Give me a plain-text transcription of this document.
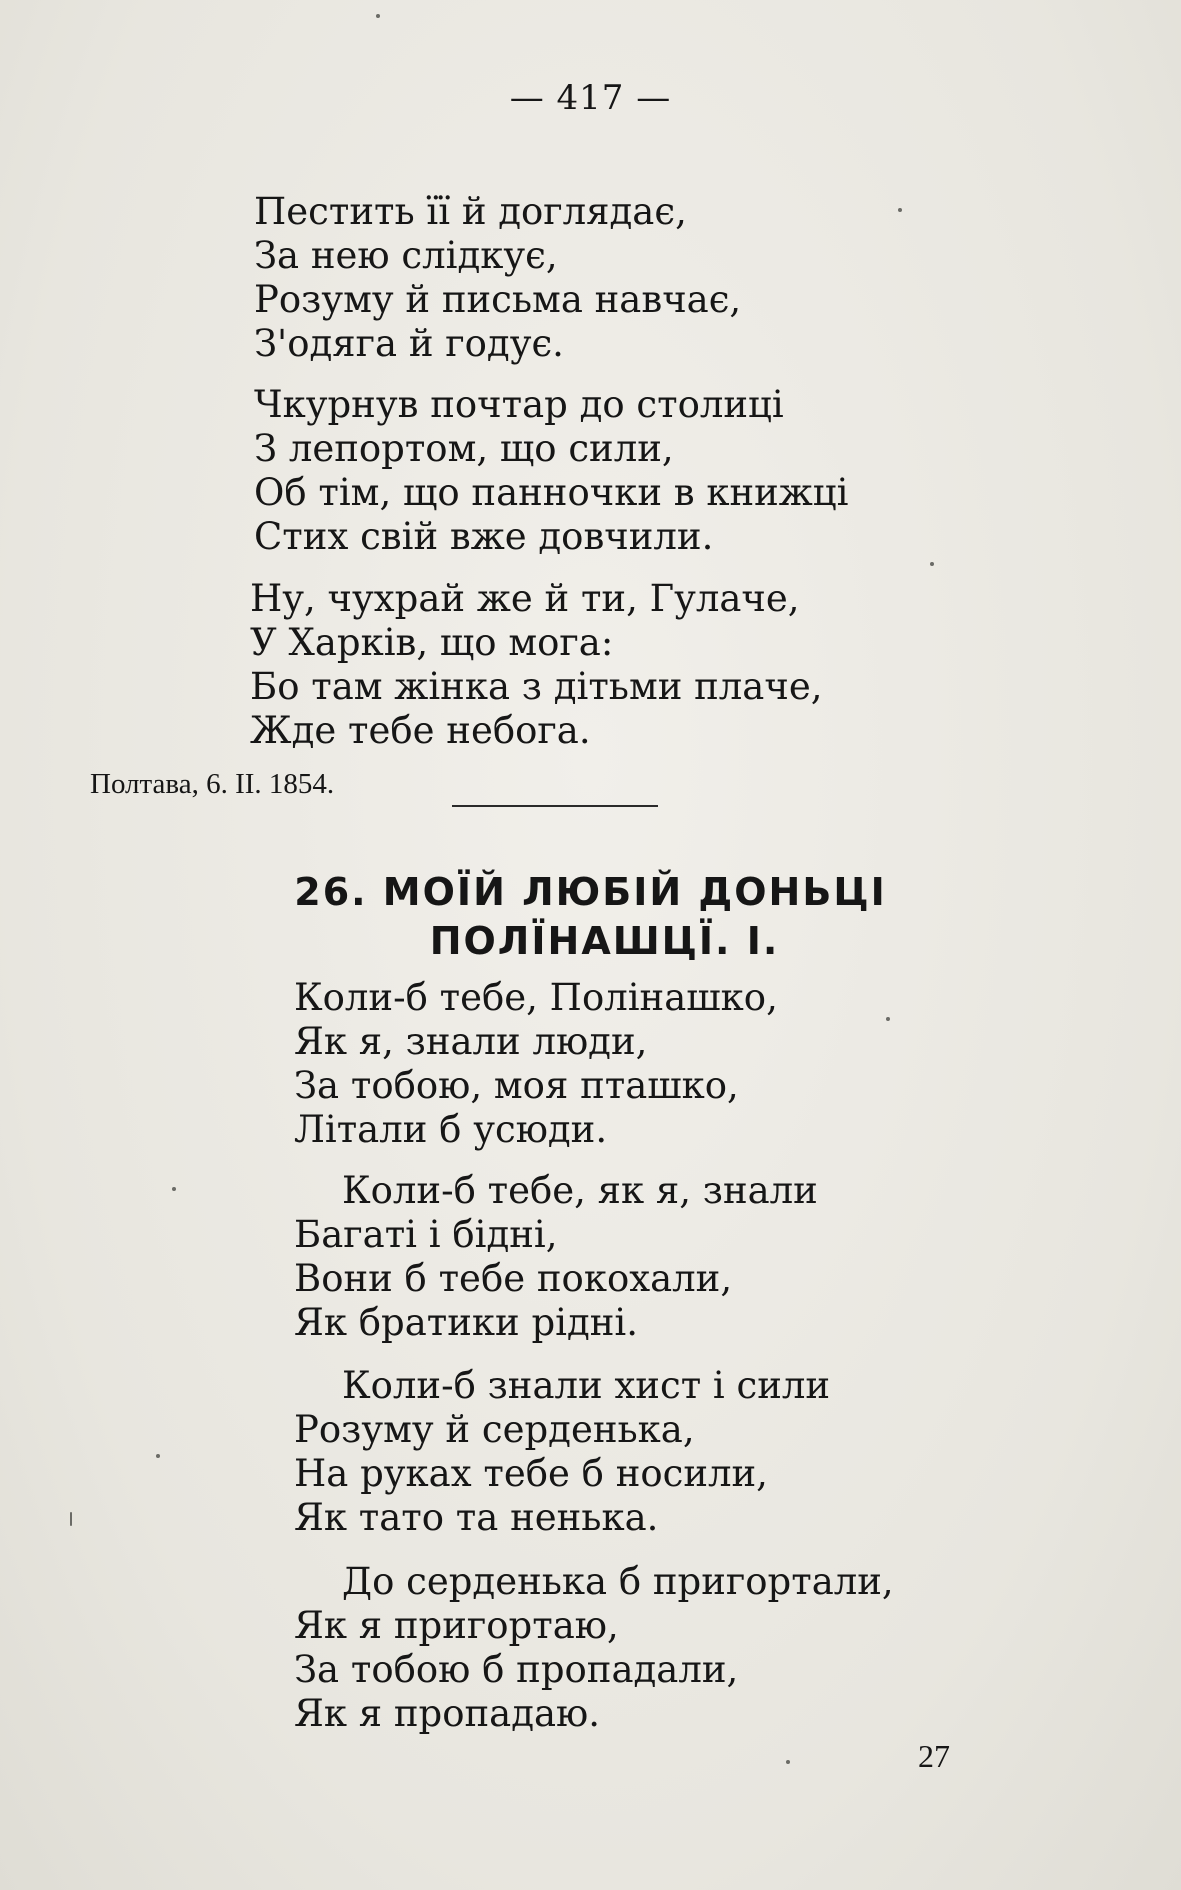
— 417 —
Пестить її й доглядає,
За нею слідкує,
Розуму й письма навчає,
З'одяга й годує.
Чкурнув почтар до столиці
З лепортом, що сили,
Об тім, що панночки в книжці
Стих свій вже довчили.
Ну, чухрай же й ти, Гулаче,
У Харків, що мога:
Бо там жінка з дітьми плаче,
Жде тебе небога.
Полтава, 6. II. 1854.
26. МОЇЙ ЛЮБІЙ ДОНЬЦІ
ПОЛЇНАШЦЇ. I.
Коли-б тебе, Полінашко,
Як я, знали люди,
За тобою, моя пташко,
Літали б усюди.
Коли-б тебе, як я, знали
Багаті і бідні,
Вони б тебе покохали,
Як братики рідні.
Коли-б знали хист і сили
Розуму й серденька,
На руках тебе б носили,
Як тато та ненька.
До серденька б пригортали,
Як я пригортаю,
За тобою б пропадали,
Як я пропадаю.
27
